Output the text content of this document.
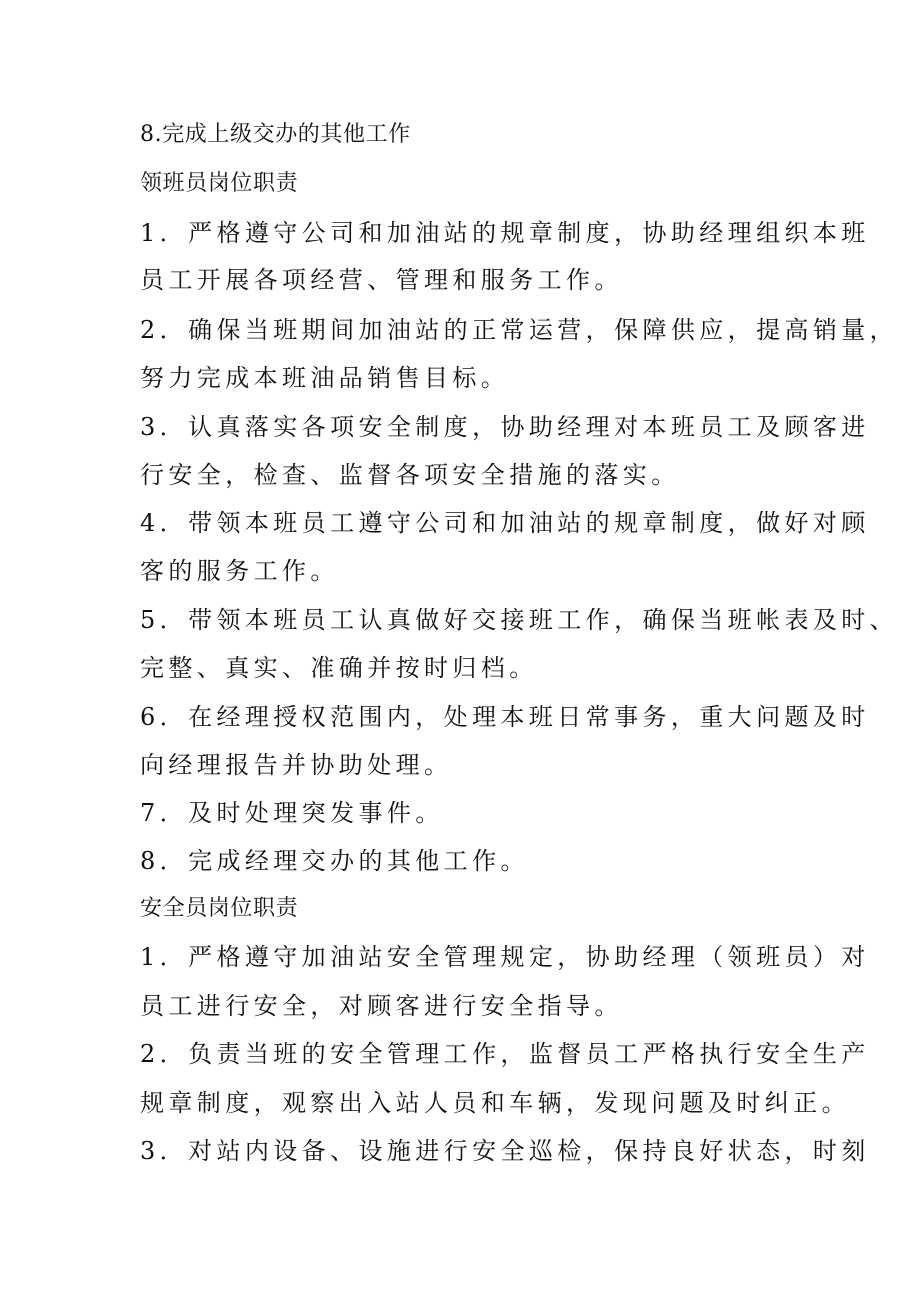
8.完成上级交办的其他工作
领班员岗位职责
1．严格遵守公司和加油站的规章制度，协助经理组织本班
员工开展各项经营、管理和服务工作。
2．确保当班期间加油站的正常运营，保障供应，提高销量，
努力完成本班油品销售目标。
3．认真落实各项安全制度，协助经理对本班员工及顾客进
行安全，检查、监督各项安全措施的落实。
4．带领本班员工遵守公司和加油站的规章制度，做好对顾
客的服务工作。
5．带领本班员工认真做好交接班工作，确保当班帐表及时、
完整、真实、准确并按时归档。
6．在经理授权范围内，处理本班日常事务，重大问题及时
向经理报告并协助处理。
7．及时处理突发事件。
8．完成经理交办的其他工作。
安全员岗位职责
1．严格遵守加油站安全管理规定，协助经理（领班员）对
员工进行安全，对顾客进行安全指导。
2．负责当班的安全管理工作，监督员工严格执行安全生产
规章制度，观察出入站人员和车辆，发现问题及时纠正。
3．对站内设备、设施进行安全巡检，保持良好状态，时刻
